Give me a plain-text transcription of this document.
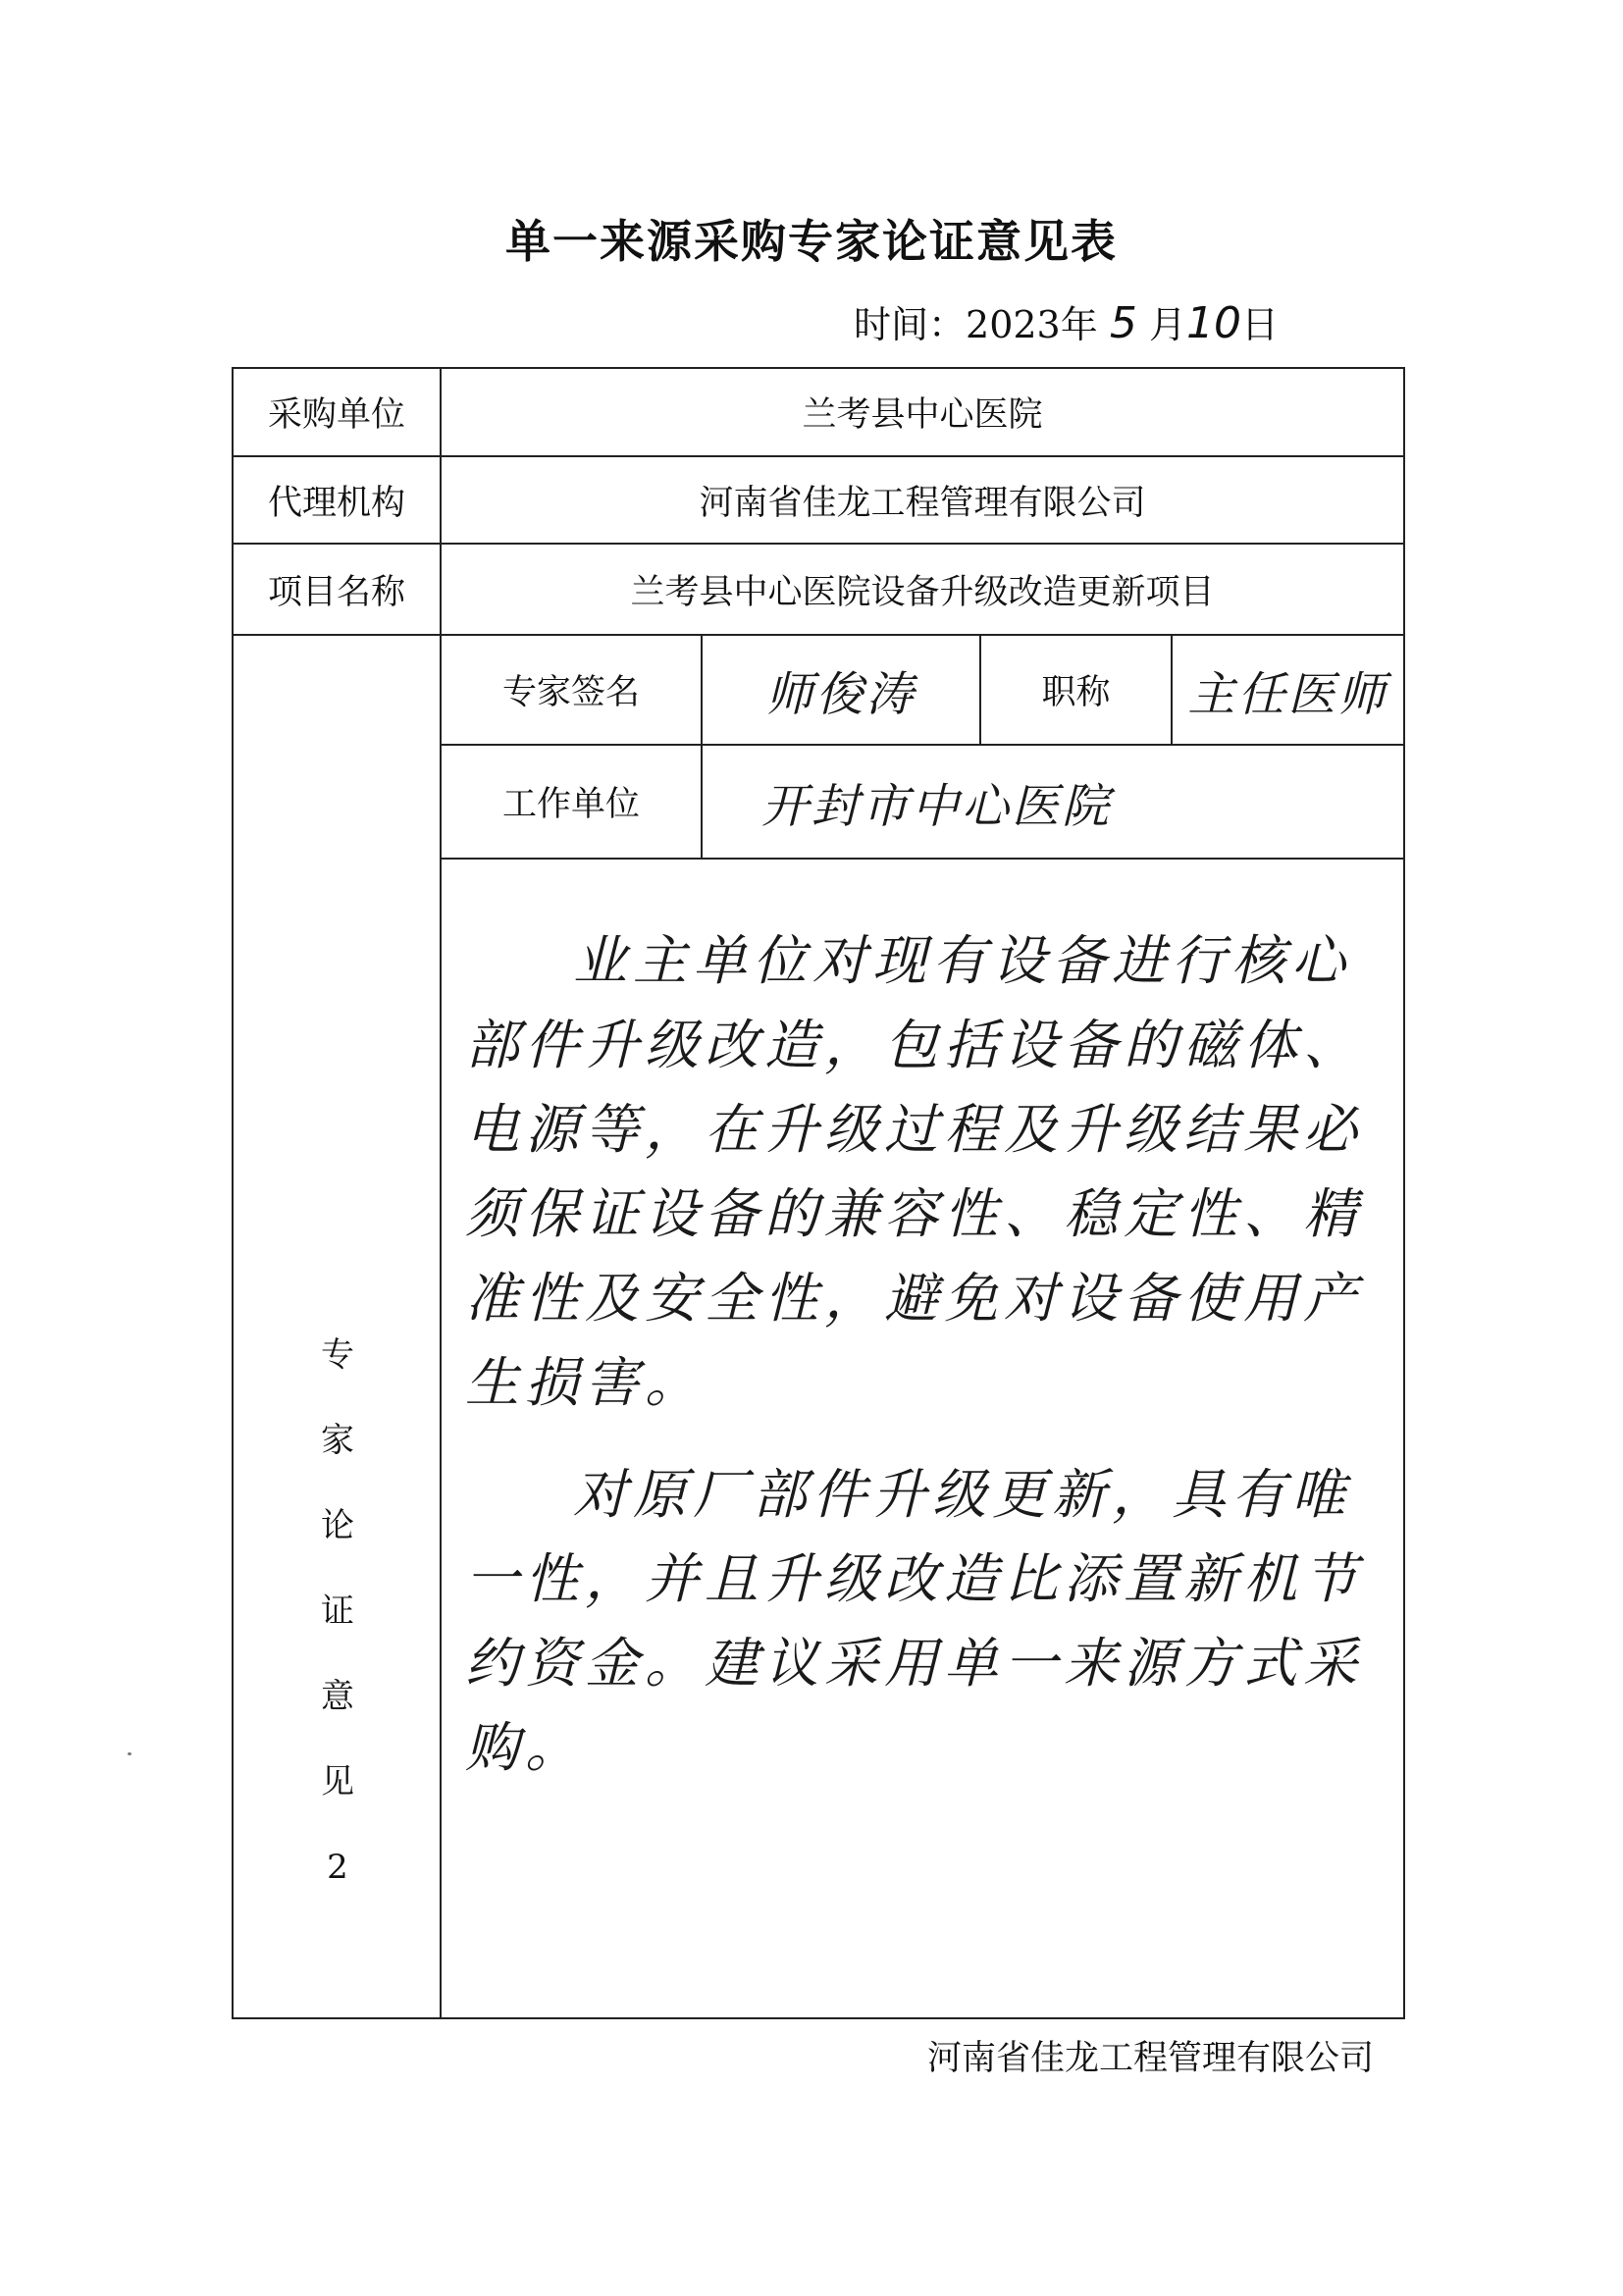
单一来源采购专家论证意见表
时间：2023年 5 月10日
采购单位	兰考县中心医院
代理机构	河南省佳龙工程管理有限公司
项目名称	兰考县中心医院设备升级改造更新项目
专
家
论
证
意
见
2
专家签名	师俊涛	职称	主任医师
工作单位	开封市中心医院

业主单位对现有设备进行核心部件升级改造，包括设备的磁体、电源等，在升级过程及升级结果必须保证设备的兼容性、稳定性、精准性及安全性，避免对设备使用产生损害。

对原厂部件升级更新，具有唯一性，并且升级改造比添置新机节约资金。建议采用单一来源方式采购。

河南省佳龙工程管理有限公司
